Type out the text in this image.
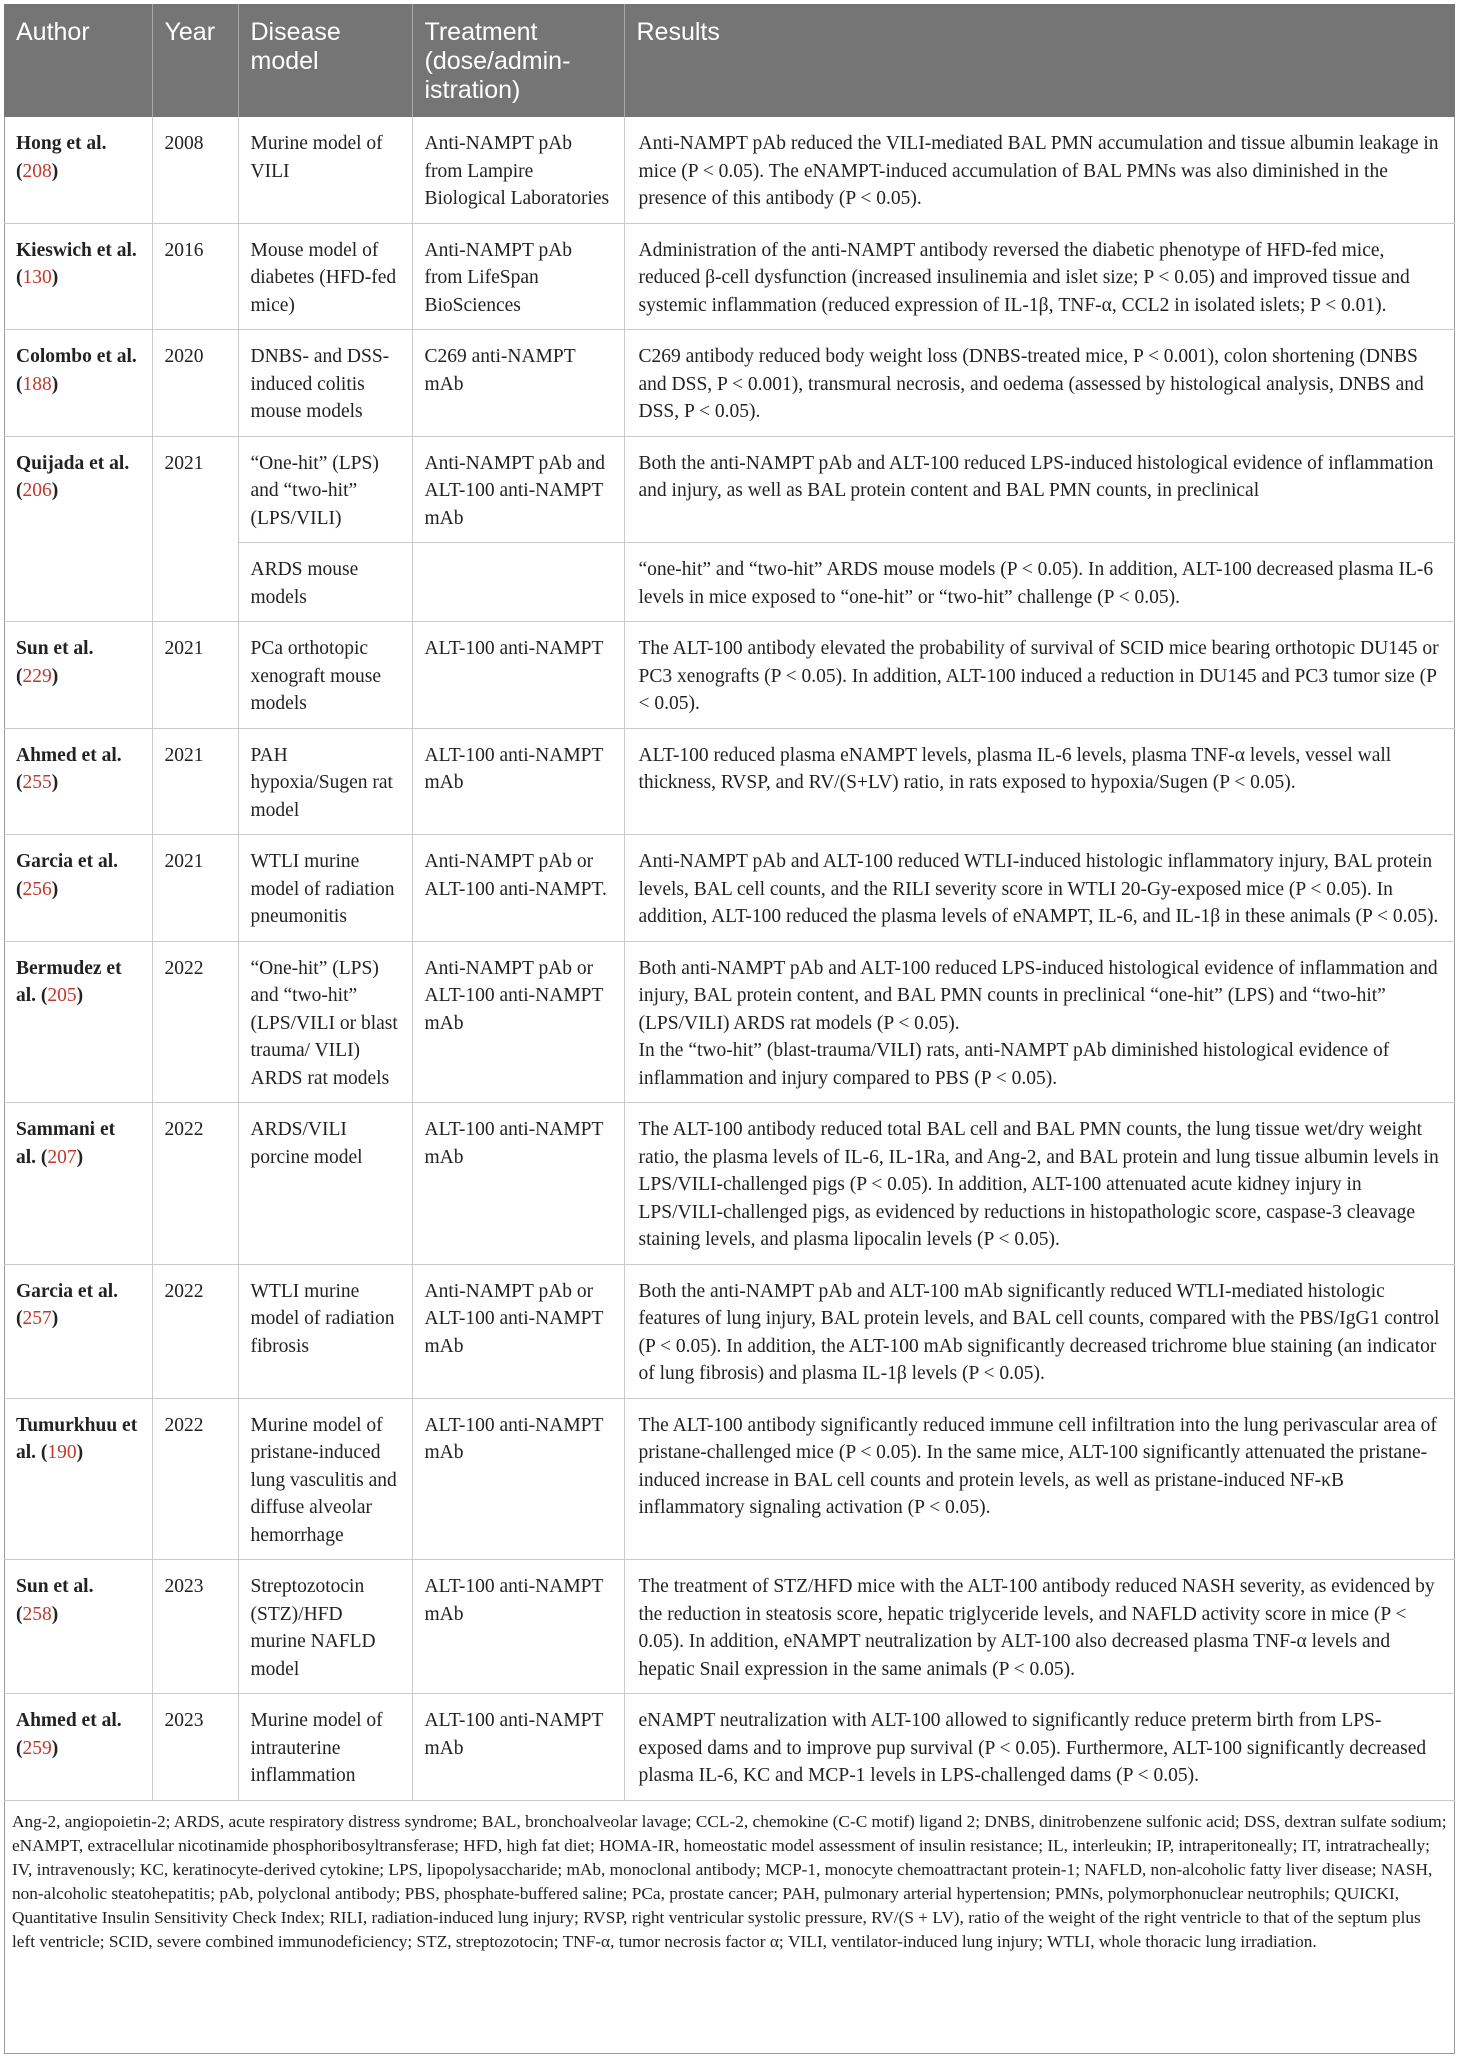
Author	Year	Disease model	Treatment (dose/admin-istration)	Results
Hong et al. (208)	2008	Murine model of VILI	Anti-NAMPT pAb from Lampire Biological Laboratories	Anti-NAMPT pAb reduced the VILI-mediated BAL PMN accumulation and tissue albumin leakage in mice (P < 0.05). The eNAMPT-induced accumulation of BAL PMNs was also diminished in the presence of this antibody (P < 0.05).
Kieswich et al. (130)	2016	Mouse model of diabetes (HFD-fed mice)	Anti-NAMPT pAb from LifeSpan BioSciences	Administration of the anti-NAMPT antibody reversed the diabetic phenotype of HFD-fed mice, reduced β-cell dysfunction (increased insulinemia and islet size; P < 0.05) and improved tissue and systemic inflammation (reduced expression of IL-1β, TNF-α, CCL2 in isolated islets; P < 0.01).
Colombo et al. (188)	2020	DNBS- and DSS-induced colitis mouse models	C269 anti-NAMPT mAb	C269 antibody reduced body weight loss (DNBS-treated mice, P < 0.001), colon shortening (DNBS and DSS, P < 0.001), transmural necrosis, and oedema (assessed by histological analysis, DNBS and DSS, P < 0.05).
Quijada et al. (206)	2021	“One-hit” (LPS) and “two-hit” (LPS/VILI)	Anti-NAMPT pAb and ALT-100 anti-NAMPT mAb	Both the anti-NAMPT pAb and ALT-100 reduced LPS-induced histological evidence of inflammation and injury, as well as BAL protein content and BAL PMN counts, in preclinical
		ARDS mouse models		“one-hit” and “two-hit” ARDS mouse models (P < 0.05). In addition, ALT-100 decreased plasma IL-6 levels in mice exposed to “one-hit” or “two-hit” challenge (P < 0.05).
Sun et al. (229)	2021	PCa orthotopic xenograft mouse models	ALT-100 anti-NAMPT	The ALT-100 antibody elevated the probability of survival of SCID mice bearing orthotopic DU145 or PC3 xenografts (P < 0.05). In addition, ALT-100 induced a reduction in DU145 and PC3 tumor size (P < 0.05).
Ahmed et al. (255)	2021	PAH hypoxia/Sugen rat model	ALT-100 anti-NAMPT mAb	ALT-100 reduced plasma eNAMPT levels, plasma IL-6 levels, plasma TNF-α levels, vessel wall thickness, RVSP, and RV/(S+LV) ratio, in rats exposed to hypoxia/Sugen (P < 0.05).
Garcia et al. (256)	2021	WTLI murine model of radiation pneumonitis	Anti-NAMPT pAb or ALT-100 anti-NAMPT.	Anti-NAMPT pAb and ALT-100 reduced WTLI-induced histologic inflammatory injury, BAL protein levels, BAL cell counts, and the RILI severity score in WTLI 20-Gy-exposed mice (P < 0.05). In addition, ALT-100 reduced the plasma levels of eNAMPT, IL-6, and IL-1β in these animals (P < 0.05).
Bermudez et al. (205)	2022	“One-hit” (LPS) and “two-hit” (LPS/VILI or blast trauma/ VILI) ARDS rat models	Anti-NAMPT pAb or ALT-100 anti-NAMPT mAb	Both anti-NAMPT pAb and ALT-100 reduced LPS-induced histological evidence of inflammation and injury, BAL protein content, and BAL PMN counts in preclinical “one-hit” (LPS) and “two-hit” (LPS/VILI) ARDS rat models (P < 0.05).
In the “two-hit” (blast-trauma/VILI) rats, anti-NAMPT pAb diminished histological evidence of inflammation and injury compared to PBS (P < 0.05).

Sammani et al. (207)	2022	ARDS/VILI porcine model	ALT-100 anti-NAMPT mAb	The ALT-100 antibody reduced total BAL cell and BAL PMN counts, the lung tissue wet/dry weight ratio, the plasma levels of IL-6, IL-1Ra, and Ang-2, and BAL protein and lung tissue albumin levels in LPS/VILI-challenged pigs (P < 0.05). In addition, ALT-100 attenuated acute kidney injury in LPS/VILI-challenged pigs, as evidenced by reductions in histopathologic score, caspase-3 cleavage staining levels, and plasma lipocalin levels (P < 0.05).
Garcia et al. (257)	2022	WTLI murine model of radiation fibrosis	Anti-NAMPT pAb or ALT-100 anti-NAMPT mAb	Both the anti-NAMPT pAb and ALT-100 mAb significantly reduced WTLI-mediated histologic features of lung injury, BAL protein levels, and BAL cell counts, compared with the PBS/IgG1 control (P < 0.05). In addition, the ALT-100 mAb significantly decreased trichrome blue staining (an indicator of lung fibrosis) and plasma IL-1β levels (P < 0.05).
Tumurkhuu et al. (190)	2022	Murine model of pristane-induced lung vasculitis and diffuse alveolar hemorrhage	ALT-100 anti-NAMPT mAb	The ALT-100 antibody significantly reduced immune cell infiltration into the lung perivascular area of pristane-challenged mice (P < 0.05). In the same mice, ALT-100 significantly attenuated the pristane-induced increase in BAL cell counts and protein levels, as well as pristane-induced NF-κB inflammatory signaling activation (P < 0.05).
Sun et al. (258)	2023	Streptozotocin (STZ)/HFD murine NAFLD model	ALT-100 anti-NAMPT mAb	The treatment of STZ/HFD mice with the ALT-100 antibody reduced NASH severity, as evidenced by the reduction in steatosis score, hepatic triglyceride levels, and NAFLD activity score in mice (P < 0.05). In addition, eNAMPT neutralization by ALT-100 also decreased plasma TNF-α levels and hepatic Snail expression in the same animals (P < 0.05).
Ahmed et al. (259)	2023	Murine model of intrauterine inflammation	ALT-100 anti-NAMPT mAb	eNAMPT neutralization with ALT-100 allowed to significantly reduce preterm birth from LPS-exposed dams and to improve pup survival (P < 0.05). Furthermore, ALT-100 significantly decreased plasma IL-6, KC and MCP-1 levels in LPS-challenged dams (P < 0.05).
Ang-2, angiopoietin-2; ARDS, acute respiratory distress syndrome; BAL, bronchoalveolar lavage; CCL-2, chemokine (C-C motif) ligand 2; DNBS, dinitrobenzene sulfonic acid; DSS, dextran sulfate sodium; eNAMPT, extracellular nicotinamide phosphoribosyltransferase; HFD, high fat diet; HOMA-IR, homeostatic model assessment of insulin resistance; IL, interleukin; IP, intraperitoneally; IT, intratracheally; IV, intravenously; KC, keratinocyte-derived cytokine; LPS, lipopolysaccharide; mAb, monoclonal antibody; MCP-1, monocyte chemoattractant protein-1; NAFLD, non-alcoholic fatty liver disease; NASH, non-alcoholic steatohepatitis; pAb, polyclonal antibody; PBS, phosphate-buffered saline; PCa, prostate cancer; PAH, pulmonary arterial hypertension; PMNs, polymorphonuclear neutrophils; QUICKI, Quantitative Insulin Sensitivity Check Index; RILI, radiation-induced lung injury; RVSP, right ventricular systolic pressure, RV/(S + LV), ratio of the weight of the right ventricle to that of the septum plus left ventricle; SCID, severe combined immunodeficiency; STZ, streptozotocin; TNF-α, tumor necrosis factor α; VILI, ventilator-induced lung injury; WTLI, whole thoracic lung irradiation.				
